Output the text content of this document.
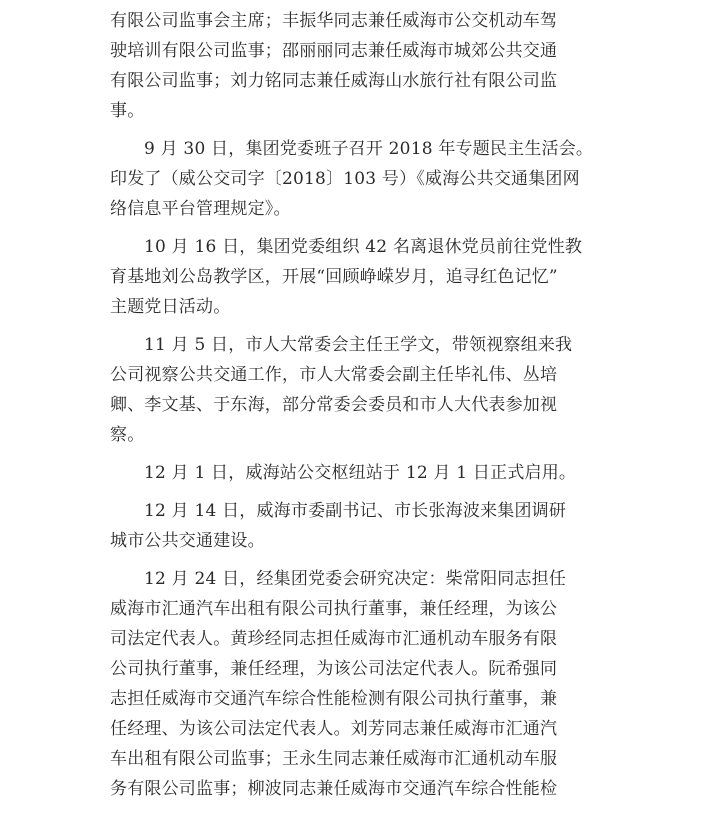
有限公司监事会主席；丰振华同志兼任威海市公交机动车驾
驶培训有限公司监事；邵丽丽同志兼任威海市城郊公共交通
有限公司监事；刘力铭同志兼任威海山水旅行社有限公司监
事。
9 月 30 日，集团党委班子召开 2018 年专题民主生活会。
印发了（威公交司字〔2018〕103 号）《威海公共交通集团网
络信息平台管理规定》。
10 月 16 日，集团党委组织 42 名离退休党员前往党性教
育基地刘公岛教学区，开展“回顾峥嵘岁月，追寻红色记忆”
主题党日活动。
11 月 5 日，市人大常委会主任王学文，带领视察组来我
公司视察公共交通工作，市人大常委会副主任毕礼伟、丛培
卿、李文基、于东海，部分常委会委员和市人大代表参加视
察。
12 月 1 日，威海站公交枢纽站于 12 月 1 日正式启用。
12 月 14 日，威海市委副书记、市长张海波来集团调研
城市公共交通建设。
12 月 24 日，经集团党委会研究决定：柴常阳同志担任
威海市汇通汽车出租有限公司执行董事，兼任经理，为该公
司法定代表人。黄珍经同志担任威海市汇通机动车服务有限
公司执行董事，兼任经理，为该公司法定代表人。阮希强同
志担任威海市交通汽车综合性能检测有限公司执行董事，兼
任经理、为该公司法定代表人。刘芳同志兼任威海市汇通汽
车出租有限公司监事；王永生同志兼任威海市汇通机动车服
务有限公司监事；柳波同志兼任威海市交通汽车综合性能检
